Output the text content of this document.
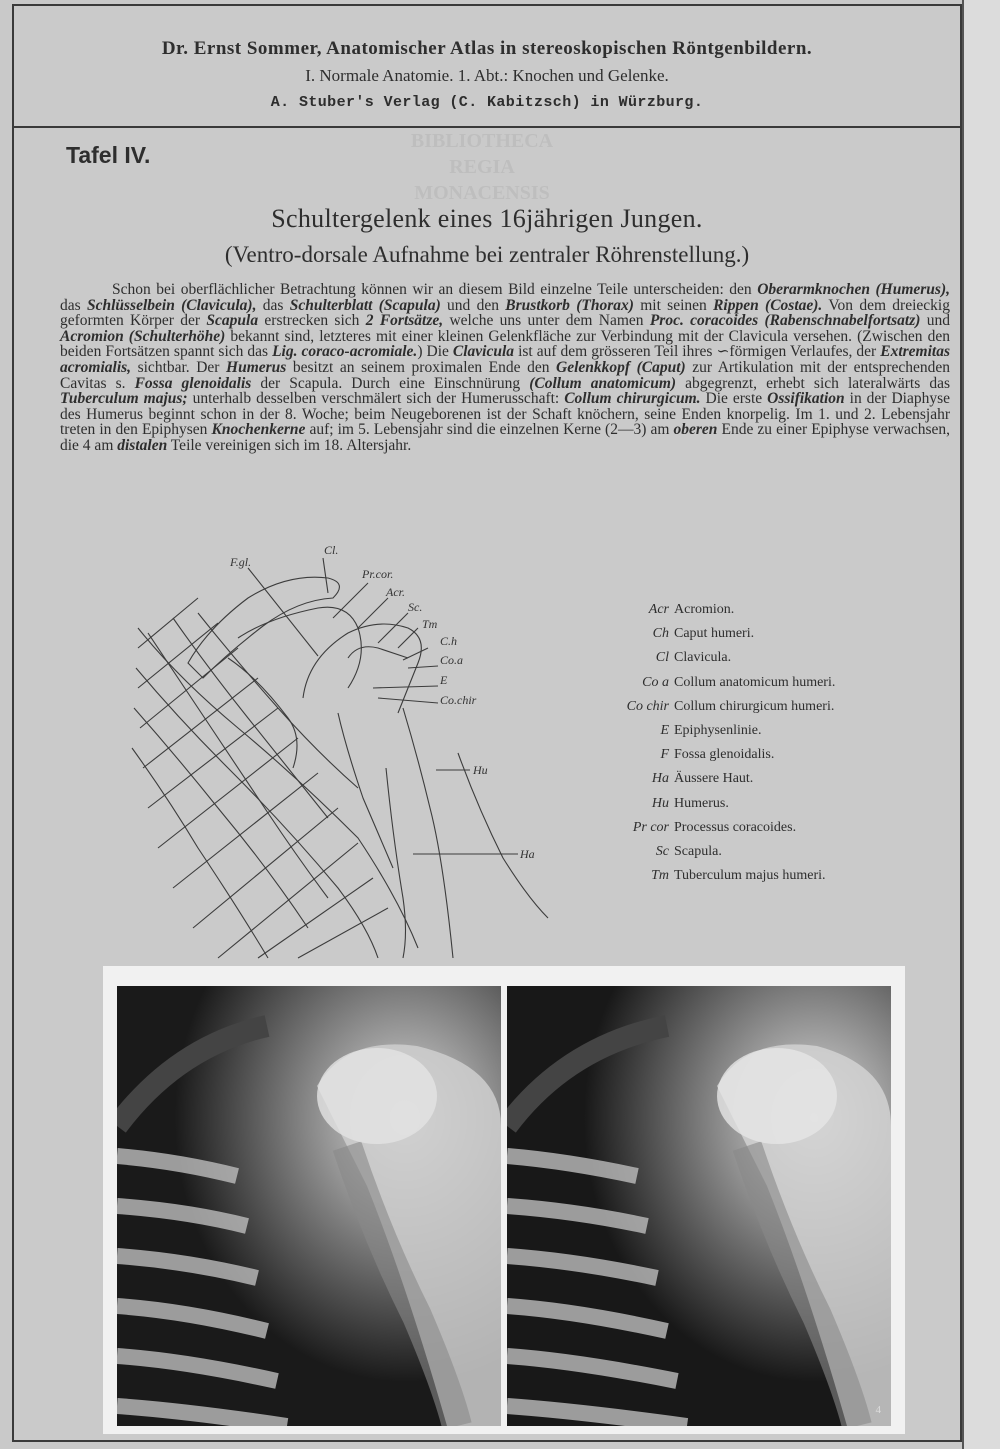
Dr. Ernst Sommer, Anatomischer Atlas in stereoskopischen Röntgenbildern.
I. Normale Anatomie. 1. Abt.: Knochen und Gelenke.
A. Stuber's Verlag (C. Kabitzsch) in Würzburg.
Tafel IV.
BIBLIOTHECA
REGIA
MONACENSIS
Schultergelenk eines 16jährigen Jungen.
(Ventro-dorsale Aufnahme bei zentraler Röhrenstellung.)

Schon bei oberflächlicher Betrachtung können wir an diesem Bild einzelne Teile unterscheiden: den Oberarmknochen (Humerus), das Schlüsselbein (Clavicula), das Schulterblatt (Scapula) und den Brustkorb (Thorax) mit seinen Rippen (Costae). Von dem dreieckig geformten Körper der Scapula erstrecken sich 2 Fortsätze, welche uns unter dem Namen Proc. coracoides (Rabenschnabelfortsatz) und Acromion (Schulterhöhe) bekannt sind, letzteres mit einer kleinen Gelenkfläche zur Verbindung mit der Clavicula versehen. (Zwischen den beiden Fortsätzen spannt sich das Lig. coraco-acromiale.) Die Clavicula ist auf dem grösseren Teil ihres ∽förmigen Verlaufes, der Extremitas acromialis, sichtbar. Der Humerus besitzt an seinem proximalen Ende den Gelenkkopf (Caput) zur Artikulation mit der entsprechenden Cavitas s. Fossa glenoidalis der Scapula. Durch eine Einschnürung (Collum anatomicum) abgegrenzt, erhebt sich lateralwärts das Tuberculum majus; unterhalb desselben verschmälert sich der Humerusschaft: Collum chirurgicum. Die erste Ossifikation in der Diaphyse des Humerus beginnt schon in der 8. Woche; beim Neugeborenen ist der Schaft knöchern, seine Enden knorpelig. Im 1. und 2. Lebensjahr treten in den Epiphysen Knochenkerne auf; im 5. Lebensjahr sind die einzelnen Kerne (2—3) am oberen Ende zu einer Epiphyse verwachsen, die 4 am distalen Teile vereinigen sich im 18. Altersjahr.

F.gl.
Cl.
Pr.cor.
Acr.
Sc.
Tm
C.h
Co.a
E
Co.chir
Hu
Ha
Acr Acromion.
Ch Caput humeri.
Cl Clavicula.
Co a Collum anatomicum humeri.
Co chir Collum chirurgicum humeri.
E Epiphysenlinie.
F Fossa glenoidalis.
Ha Äussere Haut.
Hu Humerus.
Pr cor Processus coracoides.
Sc Scapula.
Tm Tuberculum majus humeri.
4
